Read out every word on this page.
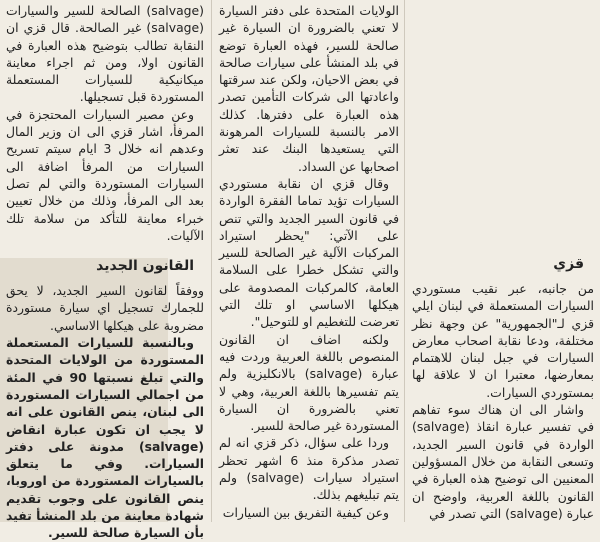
قزي

من جانبه، عبر نقيب مستوردي السيارات المستعملة في لبنان ايلي قزي لـ"الجمهورية" عن وجهة نظر مختلفة، ودعا نقابة اصحاب معارض السيارات في جبل لبنان للاهتمام بمعارضها، معتبرا ان لا علاقة لها بمستوردي السيارات.

واشار الى ان هناك سوء تفاهم في تفسير عبارة انقاذ (salvage) الواردة في قانون السير الجديد، وتسعى النقابة من خلال المسؤولين المعنيين الى توضيح هذه العبارة في القانون باللغة العربية، واوضح ان عبارة (salvage) التي تصدر في

الولايات المتحدة على دفتر السيارة لا تعني بالضرورة ان السيارة غير صالحة للسير، فهذه العبارة توضع في بلد المنشأ على سيارات صالحة في بعض الاحيان، ولكن عند سرقتها واعادتها الى شركات التأمين تصدر هذه العبارة على دفترها. كذلك الامر بالنسبة للسيارات المرهونة التي يستعيدها البنك عند تعثر اصحابها عن السداد.

وقال قزي ان نقابة مستوردي السيارات تؤيد تماما الفقرة الواردة في قانون السير الجديد والتي تنص على الآتي: "يحظر استيراد المركبات الآلية غير الصالحة للسير والتي تشكل خطرا على السلامة العامة، كالمركبات المصدومة على هيكلها الاساسي او تلك التي تعرضت للتغطيم او للتوحيل".

ولكنه اضاف ان القانون المنصوص باللغة العربية وردت فيه عبارة (salvage) بالانكليزية ولم يتم تفسيرها باللغة العربية، وهي لا تعني بالضرورة ان السيارة المستوردة غير صالحة للسير.

وردا على سؤال، ذكر قزي انه لم تصدر مذكرة منذ 6 اشهر تحظر استيراد سيارات (salvage) ولم يتم تبليغهم بذلك.

وعن كيفية التفريق بين السيارات

(salvage) الصالحة للسير والسيارات (salvage) غير الصالحة. قال قزي ان النقابة تطالب بتوضيح هذه العبارة في القانون اولا، ومن ثم اجراء معاينة ميكانيكية للسيارات المستعملة المستوردة قبل تسجيلها.

وعن مصير السيارات المحتجزة في المرفأ، اشار قزي الى ان وزير المال وعدهم انه خلال 3 ايام سيتم تسريح السيارات من المرفأ اضافة الى السيارات المستوردة والتي لم تصل بعد الى المرفأ، وذلك من خلال تعيين خبراء معاينة للتأكد من سلامة تلك الآليات.

القانون الجديد

ووفقاً لقانون السير الجديد، لا يحق للجمارك تسجيل اي سيارة مستوردة مضروبة على هيكلها الاساسي.

وبالنسبة للسيارات المستعملة المستوردة من الولايات المتحدة والتي تبلغ نسبتها 90 في المئة من اجمالي السيارات المستوردة الى لبنان، ينص القانون على انه لا يجب ان تكون عبارة انقاض (salvage) مدونة على دفتر السيارات. وفي ما يتعلق بالسيارات المستوردة من اوروبا، ينص القانون على وجوب تقديم شهادة معاينة من بلد المنشأ تفيد بأن السيارة صالحة للسير.
